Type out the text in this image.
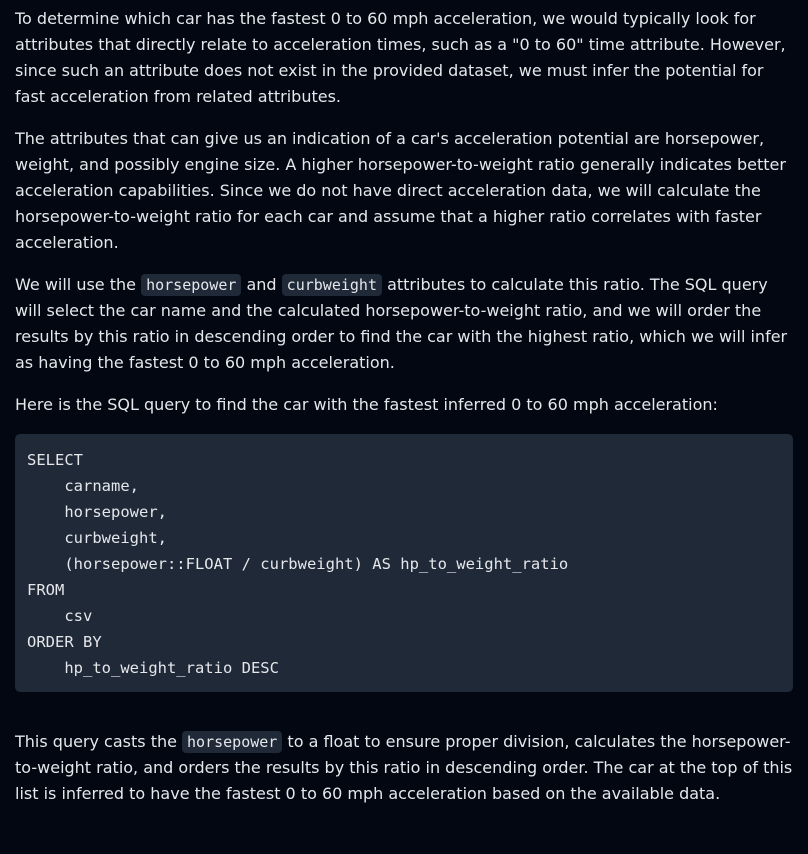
To determine which car has the fastest 0 to 60 mph acceleration, we would typically look for attributes that directly relate to acceleration times, such as a "0 to 60" time attribute. However, since such an attribute does not exist in the provided dataset, we must infer the potential for fast acceleration from related attributes.

The attributes that can give us an indication of a car's acceleration potential are horsepower, weight, and possibly engine size. A higher horsepower-to-weight ratio generally indicates better acceleration capabilities. Since we do not have direct acceleration data, we will calculate the horsepower-to-weight ratio for each car and assume that a higher ratio correlates with faster acceleration.

We will use the horsepower and curbweight attributes to calculate this ratio. The SQL query will select the car name and the calculated horsepower-to-weight ratio, and we will order the results by this ratio in descending order to find the car with the highest ratio, which we will infer as having the fastest 0 to 60 mph acceleration.

Here is the SQL query to find the car with the fastest inferred 0 to 60 mph acceleration:

SELECT
carname,
horsepower,
curbweight,
(horsepower::FLOAT / curbweight) AS hp_to_weight_ratio
FROM
csv
ORDER BY
hp_to_weight_ratio DESC

This query casts the horsepower to a float to ensure proper division, calculates the horsepower-to-weight ratio, and orders the results by this ratio in descending order. The car at the top of this list is inferred to have the fastest 0 to 60 mph acceleration based on the available data.
